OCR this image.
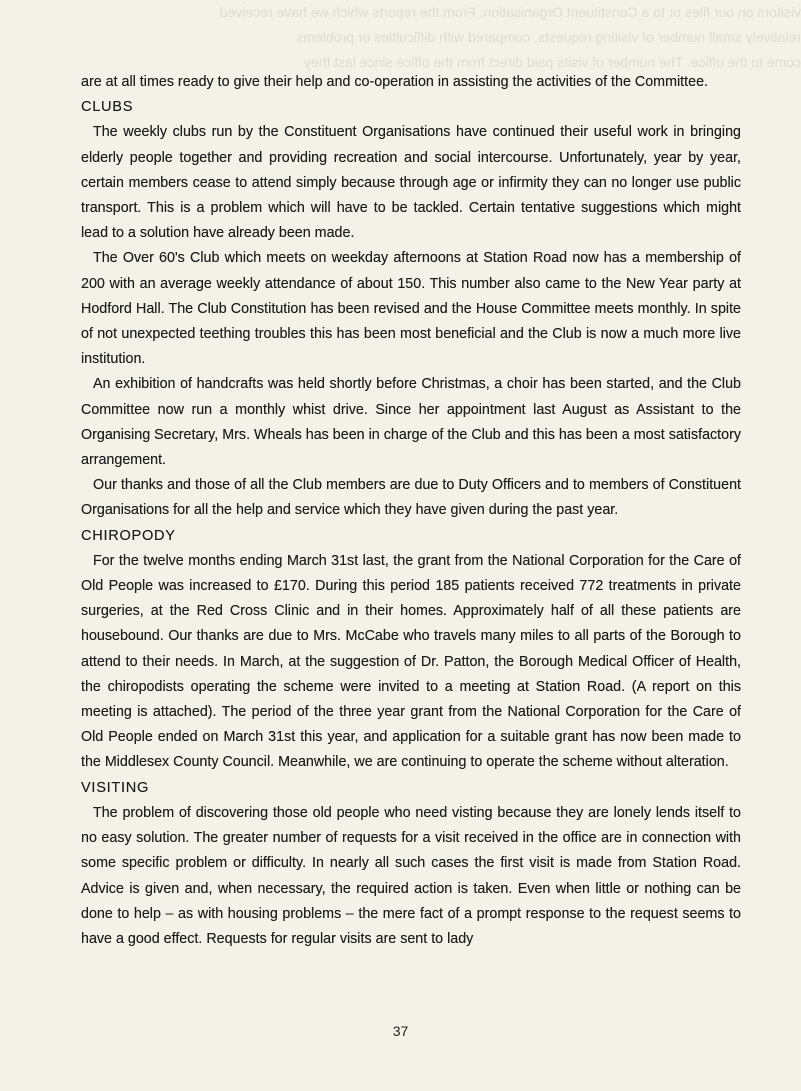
visitors on our files or to a Constituent Organisation. From the reports which we have received
relatively small number of visiting requests, compared with difficulties or problems
come to the office. The number of visits paid direct from the office since last they

are at all times ready to give their help and co-operation in assisting the activities of the Committee.

CLUBS

The weekly clubs run by the Constituent Organisations have continued their useful work in bringing elderly people together and providing recreation and social intercourse. Unfortunately, year by year, certain members cease to attend simply because through age or infirmity they can no longer use public transport. This is a problem which will have to be tackled. Certain tentative suggestions which might lead to a solution have already been made.

The Over 60's Club which meets on weekday afternoons at Station Road now has a membership of 200 with an average weekly attendance of about 150. This number also came to the New Year party at Hodford Hall. The Club Constitution has been revised and the House Committee meets monthly. In spite of not unexpected teething troubles this has been most beneficial and the Club is now a much more live institution.

An exhibition of handcrafts was held shortly before Christmas, a choir has been started, and the Club Committee now run a monthly whist drive. Since her appointment last August as Assistant to the Organising Secretary, Mrs. Wheals has been in charge of the Club and this has been a most satisfactory arrangement.

Our thanks and those of all the Club members are due to Duty Officers and to members of Constituent Organisations for all the help and service which they have given during the past year.

CHIROPODY

For the twelve months ending March 31st last, the grant from the National Corporation for the Care of Old People was increased to £170. During this period 185 patients received 772 treatments in private surgeries, at the Red Cross Clinic and in their homes. Approximately half of all these patients are housebound. Our thanks are due to Mrs. McCabe who travels many miles to all parts of the Borough to attend to their needs. In March, at the suggestion of Dr. Patton, the Borough Medical Officer of Health, the chiropodists operating the scheme were invited to a meeting at Station Road. (A report on this meeting is attached). The period of the three year grant from the National Corporation for the Care of Old People ended on March 31st this year, and application for a suitable grant has now been made to the Middlesex County Council. Meanwhile, we are continuing to operate the scheme without alteration.

VISITING

The problem of discovering those old people who need visting because they are lonely lends itself to no easy solution. The greater number of requests for a visit received in the office are in connection with some specific problem or difficulty. In nearly all such cases the first visit is made from Station Road. Advice is given and, when necessary, the required action is taken. Even when little or nothing can be done to help – as with housing problems – the mere fact of a prompt response to the request seems to have a good effect. Requests for regular visits are sent to lady

37
